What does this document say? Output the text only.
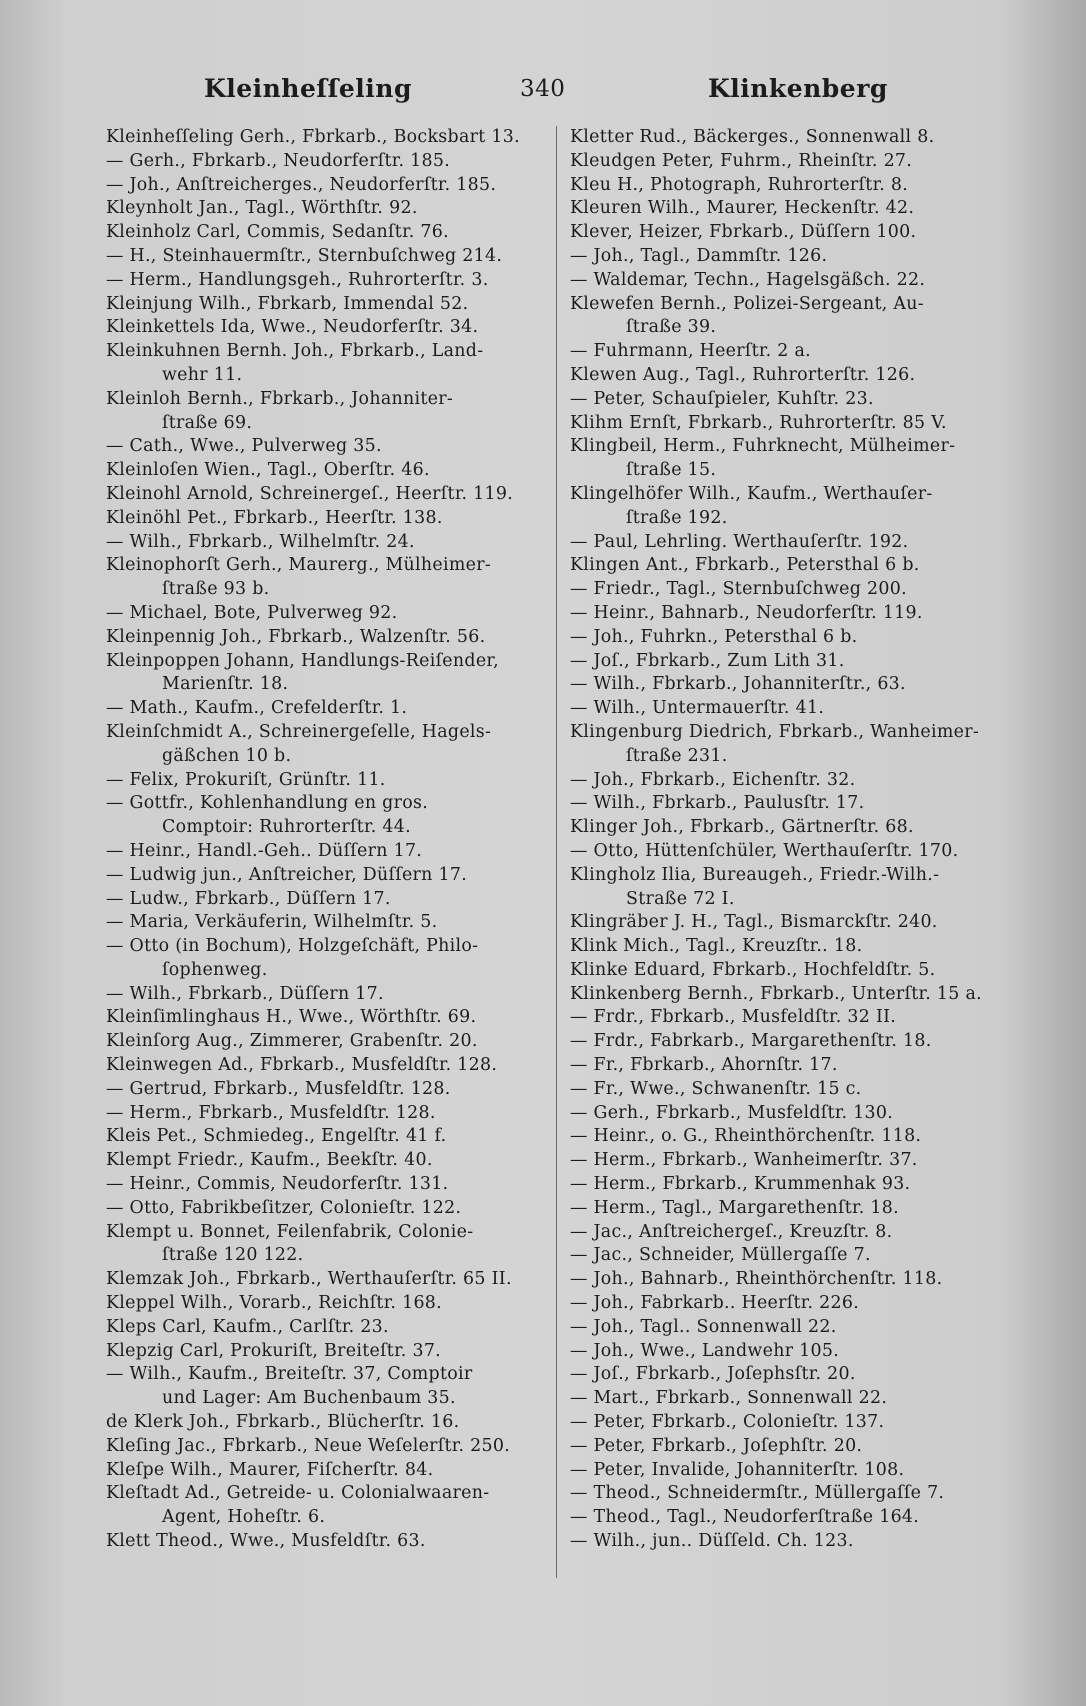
Kleinheſſeling	340	Klinkenberg
Kleinheſſeling Gerh., Fbrkarb., Bocksbart 13.
— Gerh., Fbrkarb., Neudorferſtr. 185.
— Joh., Anſtreicherges., Neudorferſtr. 185.
Kleynholt Jan., Tagl., Wörthſtr. 92.
Kleinholz Carl, Commis, Sedanſtr. 76.
— H., Steinhauermſtr., Sternbuſchweg 214.
— Herm., Handlungsgeh., Ruhrorterſtr. 3.
Kleinjung Wilh., Fbrkarb, Immendal 52.
Kleinkettels Ida, Wwe., Neudorferſtr. 34.
Kleinkuhnen Bernh. Joh., Fbrkarb., Land-
wehr 11.
Kleinloh Bernh., Fbrkarb., Johanniter-
ſtraße 69.
— Cath., Wwe., Pulverweg 35.
Kleinloſen Wien., Tagl., Oberſtr. 46.
Kleinohl Arnold, Schreinergeſ., Heerſtr. 119.
Kleinöhl Pet., Fbrkarb., Heerſtr. 138.
— Wilh., Fbrkarb., Wilhelmſtr. 24.
Kleinophorſt Gerh., Maurerg., Mülheimer-
ſtraße 93 b.
— Michael, Bote, Pulverweg 92.
Kleinpennig Joh., Fbrkarb., Walzenſtr. 56.
Kleinpoppen Johann, Handlungs-Reiſender,
Marienſtr. 18.
— Math., Kaufm., Crefelderſtr. 1.
Kleinſchmidt A., Schreinergeſelle, Hagels-
gäßchen 10 b.
— Felix, Prokuriſt, Grünſtr. 11.
— Gottfr., Kohlenhandlung en gros.
Comptoir: Ruhrorterſtr. 44.
— Heinr., Handl.-Geh.. Düſſern 17.
— Ludwig jun., Anſtreicher, Düſſern 17.
— Ludw., Fbrkarb., Düſſern 17.
— Maria, Verkäuferin, Wilhelmſtr. 5.
— Otto (in Bochum), Holzgeſchäft, Philo-
ſophenweg.
— Wilh., Fbrkarb., Düſſern 17.
Kleinſimlinghaus H., Wwe., Wörthſtr. 69.
Kleinſorg Aug., Zimmerer, Grabenſtr. 20.
Kleinwegen Ad., Fbrkarb., Musfeldſtr. 128.
— Gertrud, Fbrkarb., Musfeldſtr. 128.
— Herm., Fbrkarb., Musfeldſtr. 128.
Kleis Pet., Schmiedeg., Engelſtr. 41 f.
Klempt Friedr., Kaufm., Beekſtr. 40.
— Heinr., Commis, Neudorferſtr. 131.
— Otto, Fabrikbeſitzer, Colonieſtr. 122.
Klempt u. Bonnet, Feilenfabrik, Colonie-
ſtraße 120 122.
Klemzak Joh., Fbrkarb., Werthauſerſtr. 65 II.
Kleppel Wilh., Vorarb., Reichſtr. 168.
Kleps Carl, Kaufm., Carlſtr. 23.
Klepzig Carl, Prokuriſt, Breiteſtr. 37.
— Wilh., Kaufm., Breiteſtr. 37, Comptoir
und Lager: Am Buchenbaum 35.
de Klerk Joh., Fbrkarb., Blücherſtr. 16.
Kleſing Jac., Fbrkarb., Neue Weſelerſtr. 250.
Kleſpe Wilh., Maurer, Fiſcherſtr. 84.
Kleſtadt Ad., Getreide- u. Colonialwaaren-
Agent, Hoheſtr. 6.
Klett Theod., Wwe., Musfeldſtr. 63.
Kletter Rud., Bäckerges., Sonnenwall 8.
Kleudgen Peter, Fuhrm., Rheinſtr. 27.
Kleu H., Photograph, Ruhrorterſtr. 8.
Kleuren Wilh., Maurer, Heckenſtr. 42.
Klever, Heizer, Fbrkarb., Düſſern 100.
— Joh., Tagl., Dammſtr. 126.
— Waldemar, Techn., Hagelsgäßch. 22.
Klewefen Bernh., Polizei-Sergeant, Au-
ſtraße 39.
— Fuhrmann, Heerſtr. 2 a.
Klewen Aug., Tagl., Ruhrorterſtr. 126.
— Peter, Schauſpieler, Kuhſtr. 23.
Klihm Ernſt, Fbrkarb., Ruhrorterſtr. 85 V.
Klingbeil, Herm., Fuhrknecht, Mülheimer-
ſtraße 15.
Klingelhöfer Wilh., Kaufm., Werthauſer-
ſtraße 192.
— Paul, Lehrling. Werthauſerſtr. 192.
Klingen Ant., Fbrkarb., Petersthal 6 b.
— Friedr., Tagl., Sternbuſchweg 200.
— Heinr., Bahnarb., Neudorferſtr. 119.
— Joh., Fuhrkn., Petersthal 6 b.
— Joſ., Fbrkarb., Zum Lith 31.
— Wilh., Fbrkarb., Johanniterſtr., 63.
— Wilh., Untermauerſtr. 41.
Klingenburg Diedrich, Fbrkarb., Wanheimer-
ſtraße 231.
— Joh., Fbrkarb., Eichenſtr. 32.
— Wilh., Fbrkarb., Paulusſtr. 17.
Klinger Joh., Fbrkarb., Gärtnerſtr. 68.
— Otto, Hüttenſchüler, Werthauſerſtr. 170.
Klingholz Ilia, Bureaugeh., Friedr.-Wilh.-
Straße 72 I.
Klingräber J. H., Tagl., Bismarckſtr. 240.
Klink Mich., Tagl., Kreuzſtr.. 18.
Klinke Eduard, Fbrkarb., Hochfeldſtr. 5.
Klinkenberg Bernh., Fbrkarb., Unterſtr. 15 a.
— Frdr., Fbrkarb., Musfeldſtr. 32 II.
— Frdr., Fabrkarb., Margarethenſtr. 18.
— Fr., Fbrkarb., Ahornſtr. 17.
— Fr., Wwe., Schwanenſtr. 15 c.
— Gerh., Fbrkarb., Musfeldſtr. 130.
— Heinr., o. G., Rheinthörchenſtr. 118.
— Herm., Fbrkarb., Wanheimerſtr. 37.
— Herm., Fbrkarb., Krummenhak 93.
— Herm., Tagl., Margarethenſtr. 18.
— Jac., Anſtreichergeſ., Kreuzſtr. 8.
— Jac., Schneider, Müllergaſſe 7.
— Joh., Bahnarb., Rheinthörchenſtr. 118.
— Joh., Fabrkarb.. Heerſtr. 226.
— Joh., Tagl.. Sonnenwall 22.
— Joh., Wwe., Landwehr 105.
— Joſ., Fbrkarb., Joſephsſtr. 20.
— Mart., Fbrkarb., Sonnenwall 22.
— Peter, Fbrkarb., Colonieſtr. 137.
— Peter, Fbrkarb., Joſephſtr. 20.
— Peter, Invalide, Johanniterſtr. 108.
— Theod., Schneidermſtr., Müllergaſſe 7.
— Theod., Tagl., Neudorferſtraße 164.
— Wilh., jun.. Düſſeld. Ch. 123.
